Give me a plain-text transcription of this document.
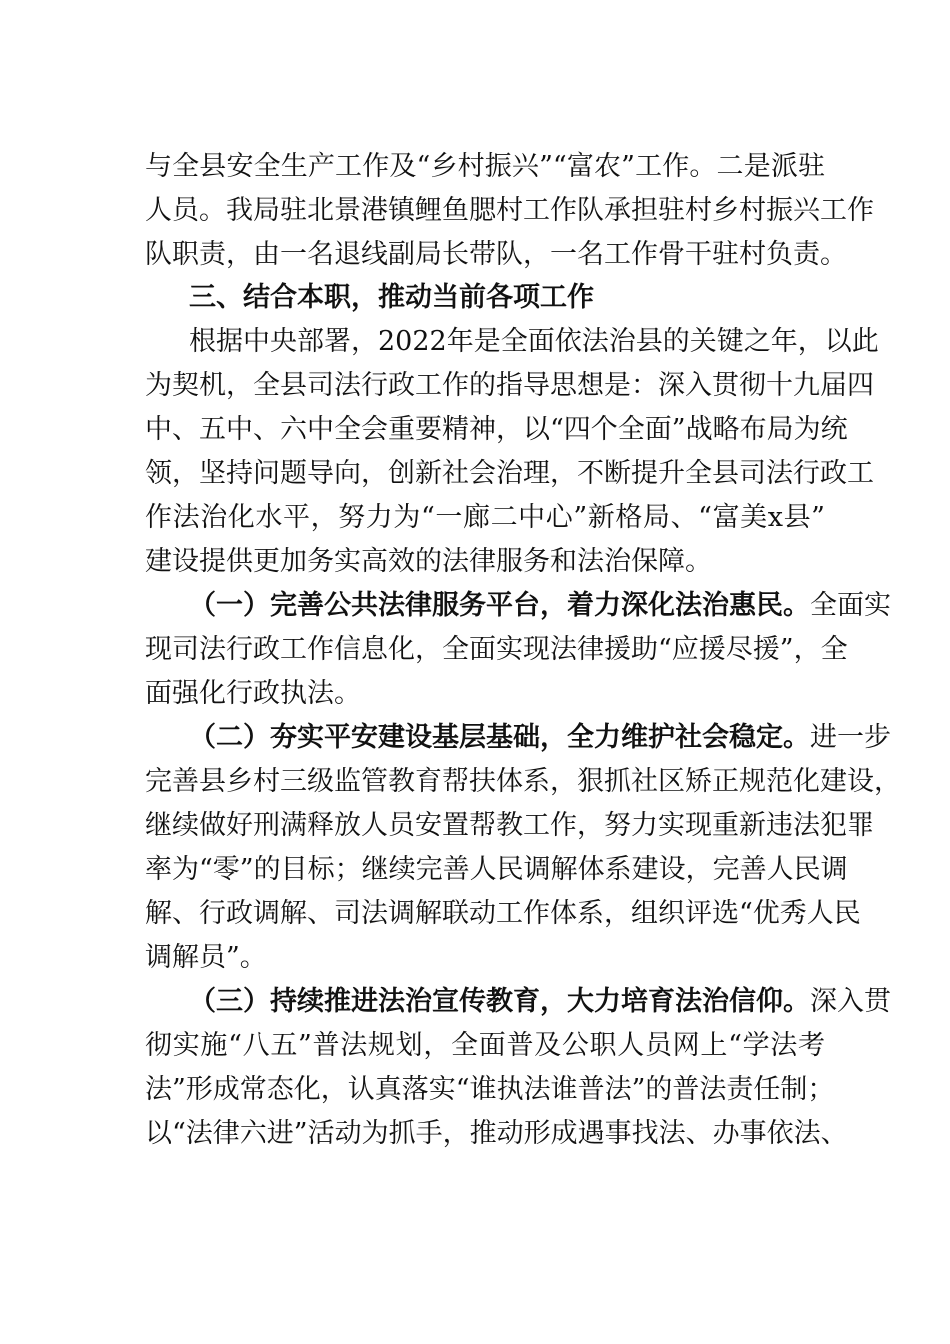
与全县安全生产工作及“乡村振兴”“富农”工作。二是派驻
人员。我局驻北景港镇鲤鱼腮村工作队承担驻村乡村振兴工作
队职责，由一名退线副局长带队，一名工作骨干驻村负责。
三、结合本职，推动当前各项工作
根据中央部署，2022年是全面依法治县的关键之年，以此
为契机，全县司法行政工作的指导思想是：深入贯彻十九届四
中、五中、六中全会重要精神，以“四个全面”战略布局为统
领，坚持问题导向，创新社会治理，不断提升全县司法行政工
作法治化水平，努力为“一廊二中心”新格局、“富美x县”
建设提供更加务实高效的法律服务和法治保障。
（一）完善公共法律服务平台，着力深化法治惠民。全面实
现司法行政工作信息化，全面实现法律援助“应援尽援”，全
面强化行政执法。
（二）夯实平安建设基层基础，全力维护社会稳定。进一步
完善县乡村三级监管教育帮扶体系，狠抓社区矫正规范化建设，
继续做好刑满释放人员安置帮教工作，努力实现重新违法犯罪
率为“零”的目标；继续完善人民调解体系建设，完善人民调
解、行政调解、司法调解联动工作体系，组织评选“优秀人民
调解员”。
（三）持续推进法治宣传教育，大力培育法治信仰。深入贯
彻实施“八五”普法规划，全面普及公职人员网上“学法考
法”形成常态化，认真落实“谁执法谁普法”的普法责任制；
以“法律六进”活动为抓手，推动形成遇事找法、办事依法、
